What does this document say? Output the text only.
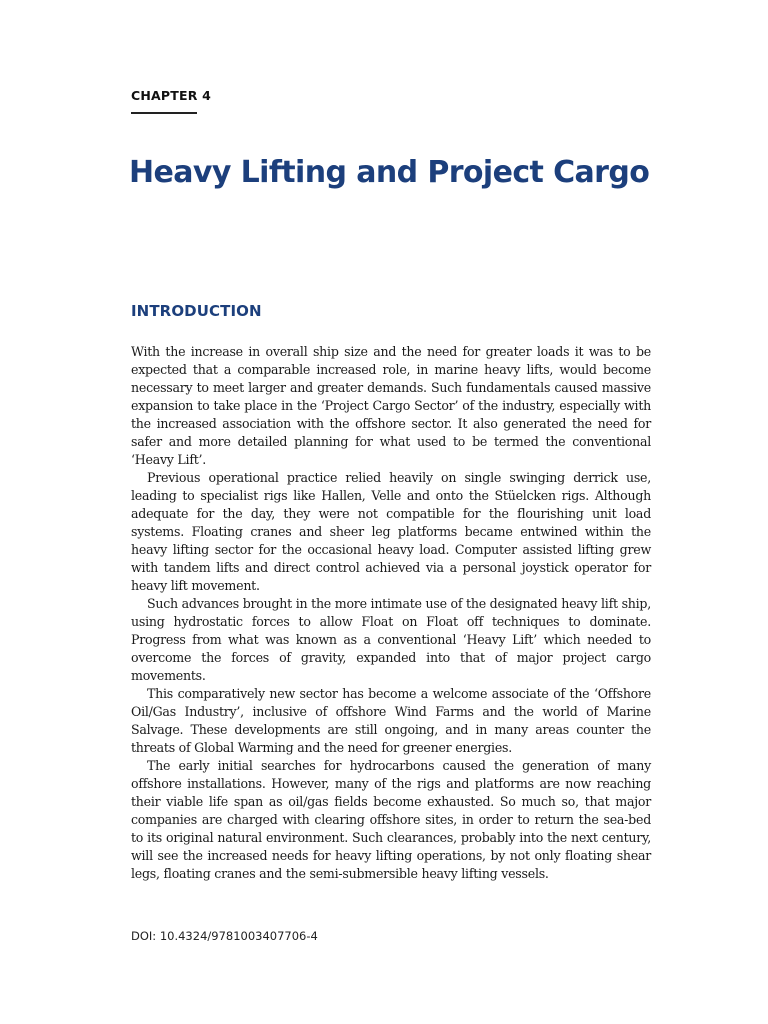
CHAPTER 4
Heavy Lifting and Project Cargo
INTRODUCTION

With the increase in overall ship size and the need for greater loads it was to be expected that a comparable increased role, in marine heavy lifts, would become necessary to meet larger and greater demands. Such fundamentals caused massive expansion to take place in the ‘Project Cargo Sector’ of the industry, especially with the increased association with the offshore sector. It also generated the need for safer and more detailed planning for what used to be termed the conventional ‘Heavy Lift’.

Previous operational practice relied heavily on single swinging derrick use, leading to specialist rigs like Hallen, Velle and onto the Stüelcken rigs. Although adequate for the day, they were not compatible for the flourishing unit load systems. Floating cranes and sheer leg platforms became entwined within the heavy lifting sector for the occasional heavy load. Computer assisted lifting grew with tandem lifts and direct control achieved via a personal joystick operator for heavy lift movement.

Such advances brought in the more intimate use of the designated heavy lift ship, using hydrostatic forces to allow Float on Float off techniques to dominate. Progress from what was known as a conventional ‘Heavy Lift’ which needed to overcome the forces of gravity, expanded into that of major project cargo movements.

This comparatively new sector has become a welcome associate of the ‘Offshore Oil/Gas Industry’, inclusive of offshore Wind Farms and the world of Marine Salvage. These developments are still ongoing, and in many areas counter the threats of Global Warming and the need for greener energies.

The early initial searches for hydrocarbons caused the generation of many offshore installations. However, many of the rigs and platforms are now reaching their viable life span as oil/gas fields become exhausted. So much so, that major companies are charged with clearing offshore sites, in order to return the sea-bed to its original natural environment. Such clearances, probably into the next century, will see the increased needs for heavy lifting operations, by not only floating shear legs, floating cranes and the semi-submersible heavy lifting vessels.

DOI: 10.4324/9781003407706-4
